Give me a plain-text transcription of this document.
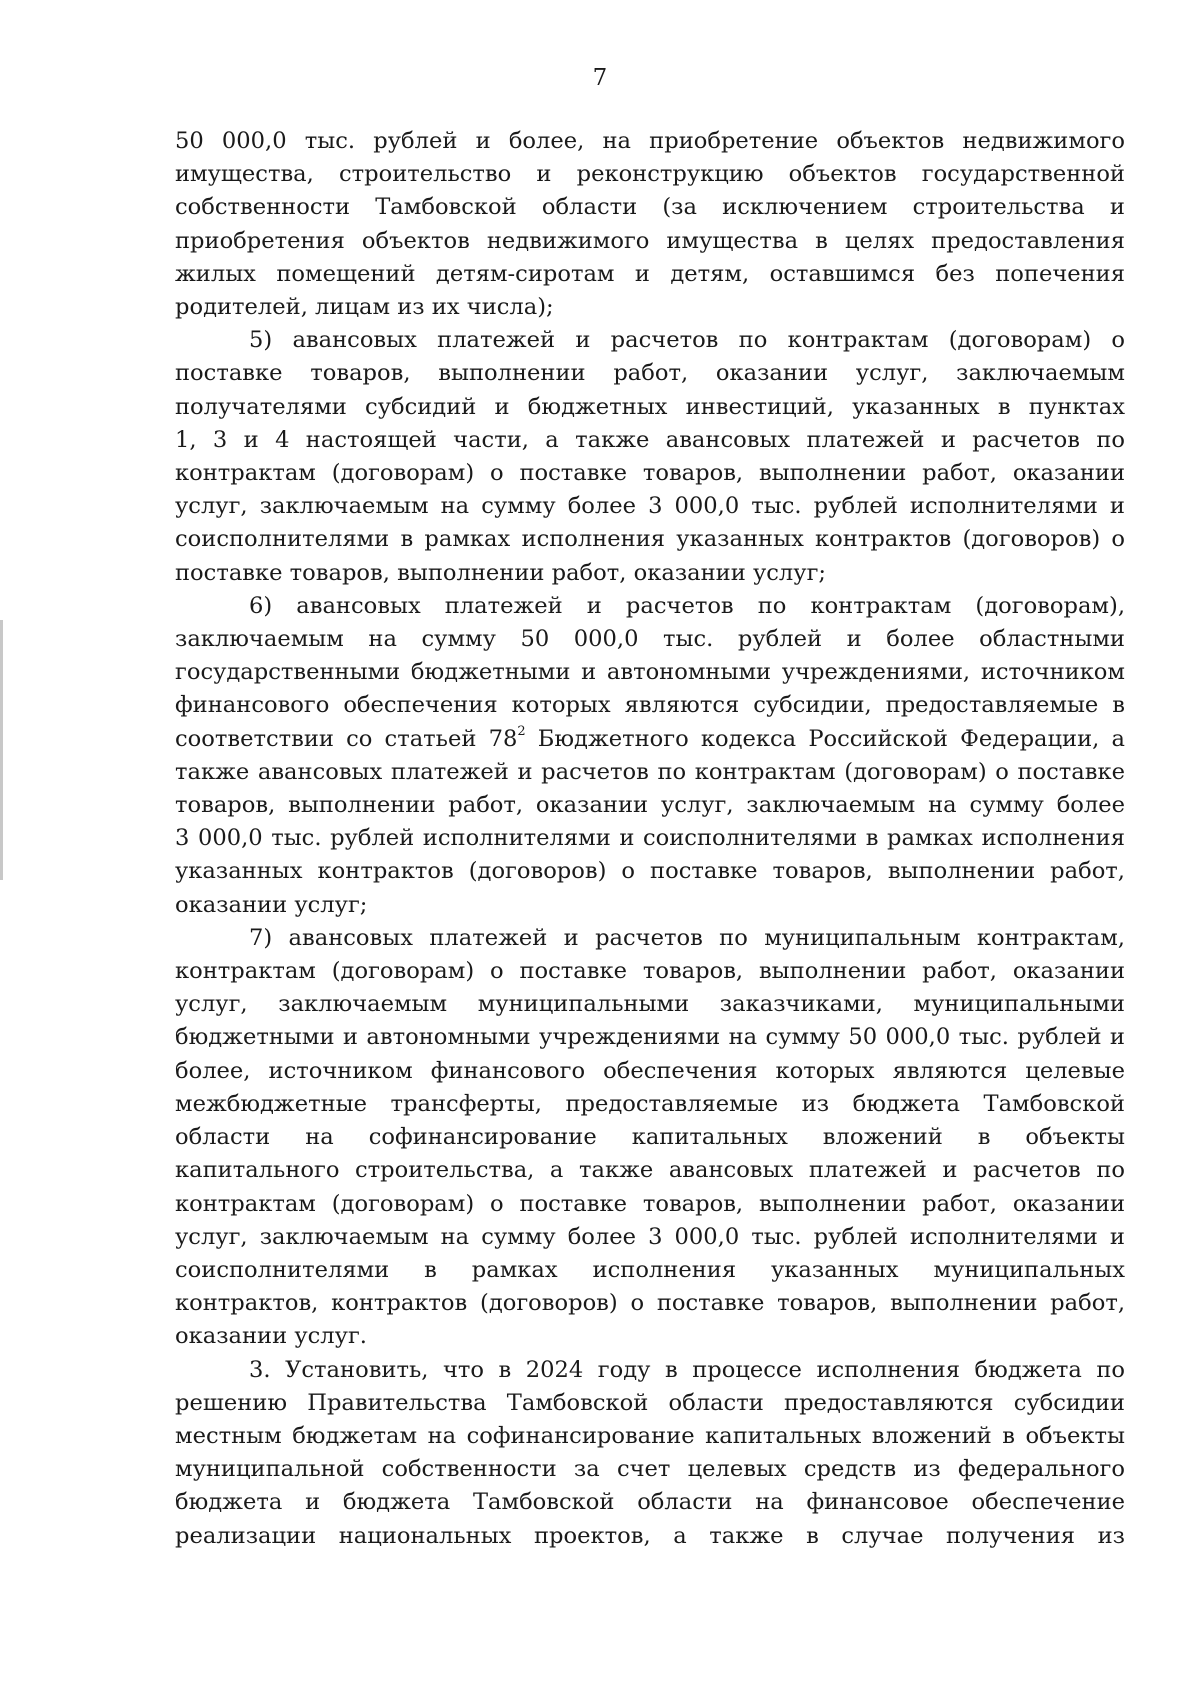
7
50 000,0 тыс. рублей и более, на приобретение объектов недвижимого
имущества, строительство и реконструкцию объектов государственной
собственности Тамбовской области (за исключением строительства и
приобретения объектов недвижимого имущества в целях предоставления
жилых помещений детям-сиротам и детям, оставшимся без попечения
родителей, лицам из их числа);
5) авансовых платежей и расчетов по контрактам (договорам) о
поставке товаров, выполнении работ, оказании услуг, заключаемым
получателями субсидий и бюджетных инвестиций, указанных в пунктах
1, 3 и 4 настоящей части, а также авансовых платежей и расчетов по
контрактам (договорам) о поставке товаров, выполнении работ, оказании
услуг, заключаемым на сумму более 3 000,0 тыс. рублей исполнителями и
соисполнителями в рамках исполнения указанных контрактов (договоров) о
поставке товаров, выполнении работ, оказании услуг;
6) авансовых платежей и расчетов по контрактам (договорам),
заключаемым на сумму 50 000,0 тыс. рублей и более областными
государственными бюджетными и автономными учреждениями, источником
финансового обеспечения которых являются субсидии, предоставляемые в
соответствии со статьей $78^2$ Бюджетного кодекса Российской Федерации, а
также авансовых платежей и расчетов по контрактам (договорам) о поставке
товаров, выполнении работ, оказании услуг, заключаемым на сумму более
3 000,0 тыс. рублей исполнителями и соисполнителями в рамках исполнения
указанных контрактов (договоров) о поставке товаров, выполнении работ,
оказании услуг;
7) авансовых платежей и расчетов по муниципальным контрактам,
контрактам (договорам) о поставке товаров, выполнении работ, оказании
услуг, заключаемым муниципальными заказчиками, муниципальными
бюджетными и автономными учреждениями на сумму 50 000,0 тыс. рублей и
более, источником финансового обеспечения которых являются целевые
межбюджетные трансферты, предоставляемые из бюджета Тамбовской
области на софинансирование капитальных вложений в объекты
капитального строительства, а также авансовых платежей и расчетов по
контрактам (договорам) о поставке товаров, выполнении работ, оказании
услуг, заключаемым на сумму более 3 000,0 тыс. рублей исполнителями и
соисполнителями в рамках исполнения указанных муниципальных
контрактов, контрактов (договоров) о поставке товаров, выполнении работ,
оказании услуг.
3. Установить, что в 2024 году в процессе исполнения бюджета по
решению Правительства Тамбовской области предоставляются субсидии
местным бюджетам на софинансирование капитальных вложений в объекты
муниципальной собственности за счет целевых средств из федерального
бюджета и бюджета Тамбовской области на финансовое обеспечение
реализации национальных проектов, а также в случае получения из
